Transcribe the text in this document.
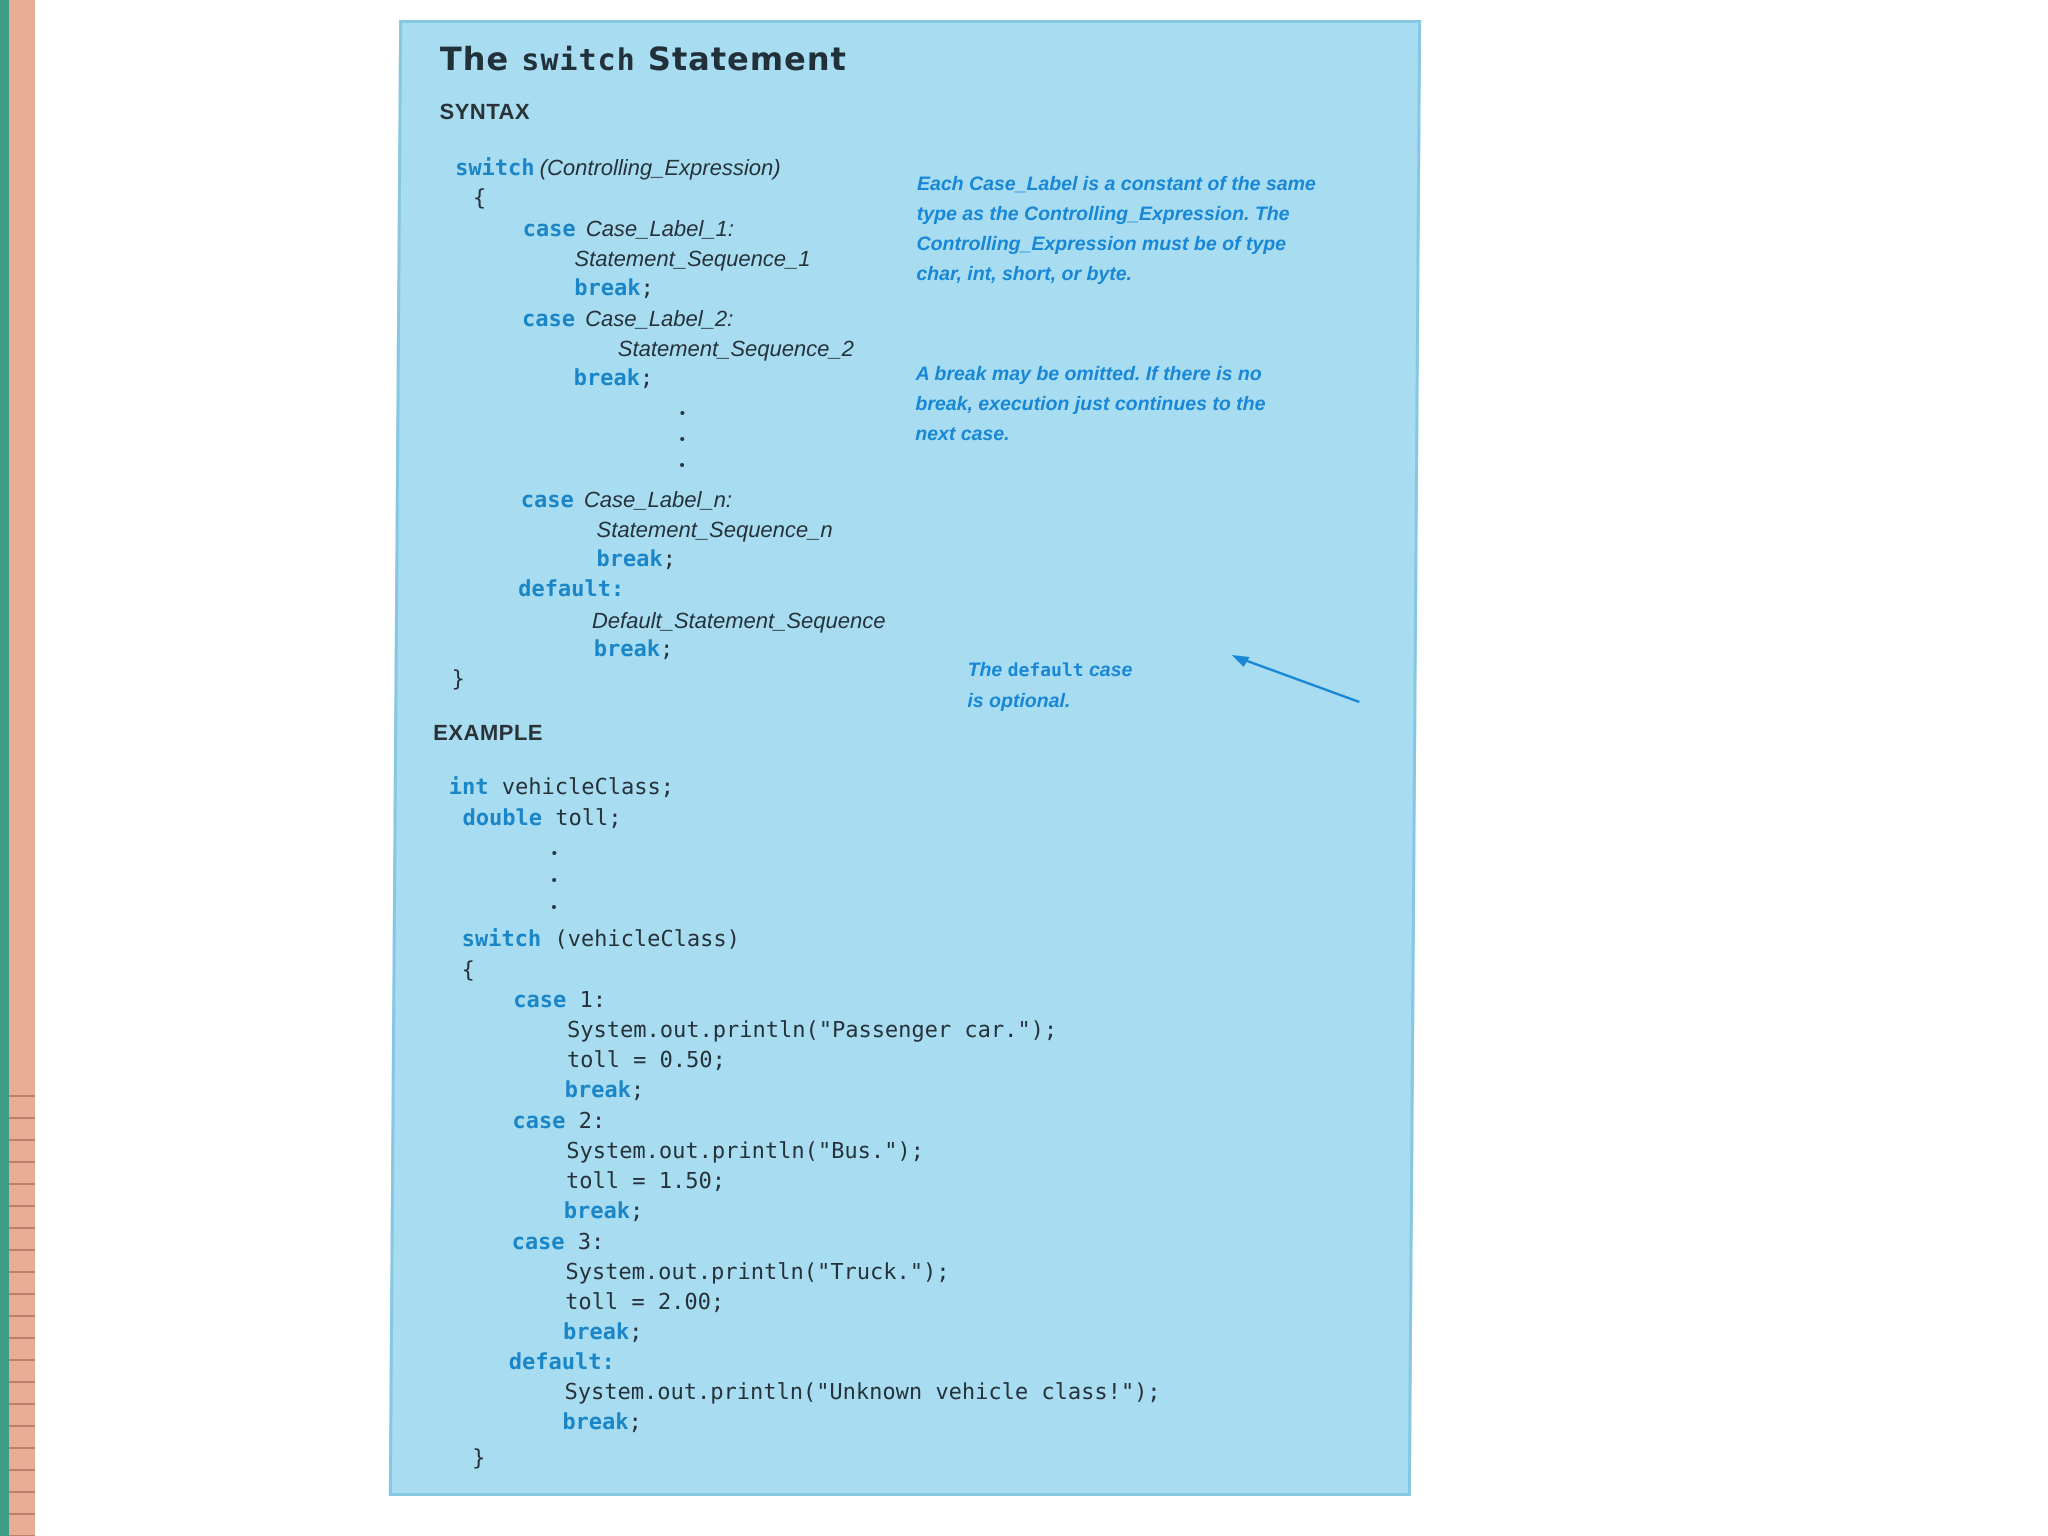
The switch Statement
SYNTAX
switch (Controlling_Expression)
{
case Case_Label_1:
Statement_Sequence_1
break;
case Case_Label_2:
Statement_Sequence_2
break;
case Case_Label_n:
Statement_Sequence_n
break;
default:
Default_Statement_Sequence
break;
}
Each Case_Label is a constant of the same
type as the Controlling_Expression. The
Controlling_Expression must be of type
char, int, short, or byte.
A break may be omitted. If there is no
break, execution just continues to the
next case.
The default case
is optional.
EXAMPLE
int vehicleClass;
double toll;
switch (vehicleClass)
{
case 1:
System.out.println("Passenger car.");
toll = 0.50;
break;
case 2:
System.out.println("Bus.");
toll = 1.50;
break;
case 3:
System.out.println("Truck.");
toll = 2.00;
break;
default:
System.out.println("Unknown vehicle class!");
break;
}
